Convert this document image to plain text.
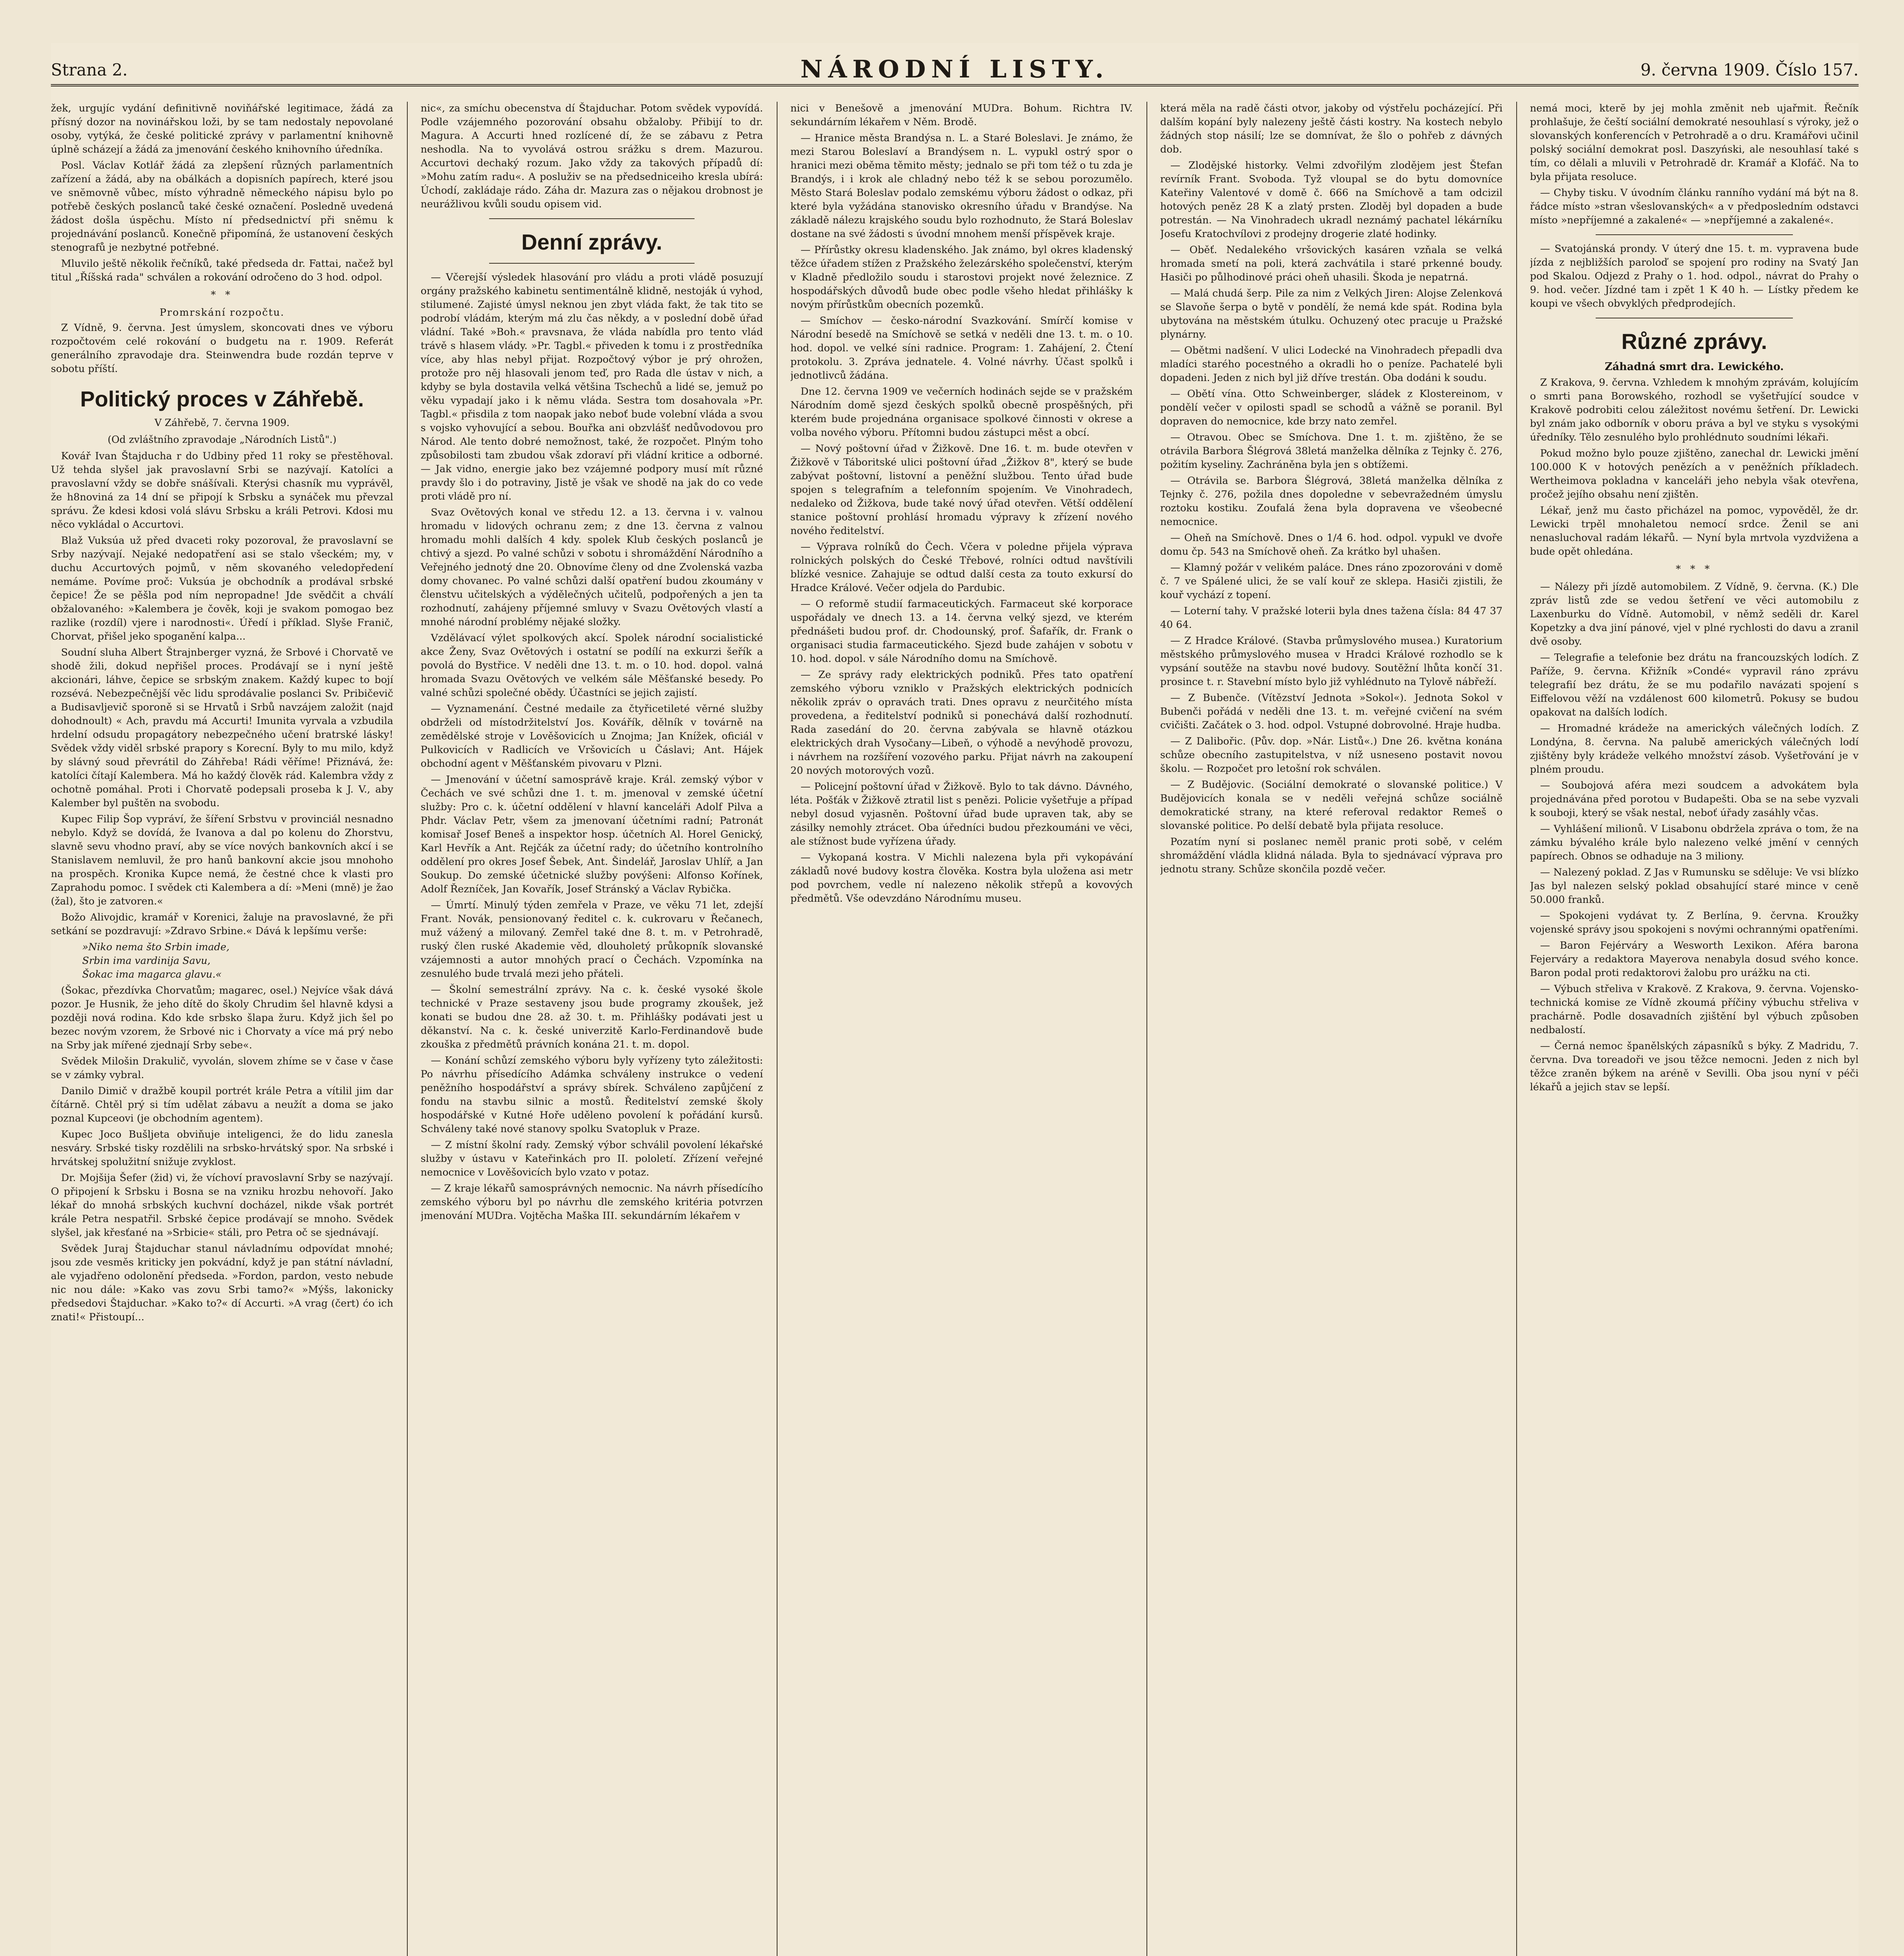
Strana 2.	NÁRODNÍ LISTY.	9. června 1909. Číslo 157.

žek, urgujíc vydání definitivně noviňářské legitimace, žádá za přísný dozor na novinářskou loži, by se tam nedostaly nepovolané osoby, vytýká, že české politické zprávy v parlamentní knihovně úplně scházejí a žádá za jmenování českého knihovního úředníka.

Posl. Václav Kotlář žádá za zlepšení různých parlamentních zařízení a žádá, aby na obálkách a dopisních papírech, které jsou ve snĕmovně vůbec, místo výhradně německého nápisu bylo po potřebě českých poslanců také české označení. Posledně uvedená žádost došla úspěchu. Místo ní předsednictví při sněmu k projednávání poslanců. Konečně připomíná, že ustanovení českých stenografů je nezbytné potřebné.

Mluvilo ještě několik řečníků, také předseda dr. Fattai, načež byl titul „Říšská rada" schválen a rokování odročeno do 3 hod. odpol.

* *
Promrskání rozpočtu.

Z Vídně, 9. června. Jest úmyslem, skoncovati dnes ve výboru rozpočtovém celé rokování o budgetu na r. 1909. Referát generálního zpravodaje dra. Steinwendra bude rozdán teprve v sobotu příští.

Politický proces v Záhřebě.
V Záhřebě, 7. června 1909.
(Od zvláštního zpravodaje „Národních Listů".)

Kovář Ivan Štajducha r do Udbiny před 11 roky se přestěhoval. Už tehda slyšel jak pravoslavní Srbi se nazývají. Katolíci a pravoslavní vždy se dobře snášívali. Kterýsi chasník mu vyprávěl, že h8noviná za 14 dní se připojí k Srbsku a synáček mu převzal správu. Že kdesi kdosi volá slávu Srbsku a králi Petrovi. Kdosi mu něco vykládal o Accurtovi.

Blaž Vuksúa už před dvaceti roky pozoroval, že pravoslavní se Srby nazývají. Nejaké nedopatření asi se stalo všeckém; my, v duchu Accurtových pojmů, v něm skovaného veledopředení nemáme. Povíme proč: Vuksúa je obchodník a prodával srbské čepice! Že se pěšla pod ním nepropadne! Jde svědčit a chválí obžalovaného: »Kalembera je čověk, koji je svakom pomogao bez razlike (rozdíl) vjere i narodnosti«. Úředí i příklad. Slyše Franič, Chorvat, přišel jeko spoganění kalpa...

Soudní sluha Albert Štrajnberger vyzná, že Srbové i Chorvatě ve shodě žili, dokud nepřišel proces. Prodávají se i nyní ještě akcionári, láhve, čepice se srbským znakem. Každý kupec to bojí rozsévá. Nebezpečnější věc lidu sprodávalie poslanci Sv. Pribičevič a Budisavljevič sporoně si se Hrvatů i Srbů navzájem založit (najď dohodnoult) « Ach, pravdu má Accurti! Imunita vyrvala a vzbudila hrdelní odsudu propagátory nebezpečného učení bratrské lásky! Svědek vždy viděl srbské prapory s Korecní. Byly to mu milo, když by slávný soud převrátil do Záhřeba! Rádi věříme! Přiznává, že: katolíci čítají Kalembera. Má ho každý člověk rád. Kalembra vždy z ochotně pomáhal. Proti i Chorvatě podepsali proseba k J. V., aby Kalember byl puštěn na svobodu.

Kupec Filip Šop vypráví, že šíření Srbstvu v provinciál nesnadno nebylo. Když se dovídá, že Ivanova a dal po kolenu do Zhorstvu, slavně sevu vhodno praví, aby se více nových bankovních akcí i se Stanislavem nemluvil, že pro hanů bankovní akcie jsou mnohoho na prospěch. Kronika Kupce nemá, že čestné chce k vlasti pro Zaprahodu pomoc. I svědek cti Kalembera a dí: »Meni (mně) je žao (žal), što je zatvoren.«

Božo Alivojdic, kramář v Korenici, žaluje na pravoslavné, že při setkání se pozdravují: »Zdravo Srbine.« Dává k lepšímu verše:

»Niko nema što Srbin imade,
Srbin ima vardinija Savu,
Šokac ima magarca glavu.«

(Šokac, přezdívka Chorvatům; magarec, osel.) Nejvíce však dává pozor. Je Husnik, že jeho dítě do školy Chrudim šel hlavně kdysi a později nová rodina. Kdo kde srbsko šlapa žuru. Když jich šel po bezec novým vzorem, že Srbové nic i Chorvaty a více má prý nebo na Srby jak mířené zjednají Srby sebe«.

Svědek Milošin Drakulič, vyvolán, slovem zhíme se v čase v čase se v zámky vybral.

Danilo Dimič v dražbě koupil portrét krále Petra a vítilil jim dar čítárně. Chtěl prý si tím udělat zábavu a neužít a doma se jako poznal Kupceovi (je obchodním agentem).

Kupec Joco Bušljeta obviňuje inteligenci, že do lidu zanesla nesváry. Srbské tisky rozdělili na srbsko-hrvátský spor. Na srbské i hrvátskej spolužitní snižuje zvyklost.

Dr. Mojšija Šefer (žid) vi, že víchoví pravoslavní Srby se nazývají. O připojení k Srbsku i Bosna se na vzniku hrozbu nehovoří. Jako lékař do mnohá srbských kuchvní docházel, nikde však portrét krále Petra nespatřil. Srbské čepice prodávají se mnoho. Svědek slyšel, jak křesťané na »Srbicie« stáli, pro Petra oč se sjednávají.

Svědek Juraj Štajduchar stanul návladnímu odpovídat mnohé; jsou zde vesměs kriticky jen pokvádní, když je pan státní návladní, ale vyjadřeno odolonění předseda. »Fordon, pardon, vesto nebude nic nou dále: »Kako vas zovu Srbi tamo?« »Mýšs, lakonicky předsedovi Štajduchar. »Kako to?« dí Accurti. »A vrag (čert) ćo ich znati!« Přistoupí...

nic«, za smíchu obecenstva dí Štajduchar. Potom svědek vypovídá. Podle vzájemného pozorování obsahu obžaloby. Přibijí to dr. Magura. A Accurti hned rozlícené dí, že se zábavu z Petra neshodla. Na to vyvolává ostrou srážku s drem. Mazurou. Accurtovi dechaký rozum. Jako vždy za takových případů dí: »Mohu zatím radu«. A posluživ se na předsedniceiho kresla ubírá: Úchodí, zakládaje rádo. Záha dr. Mazura zas o nějakou drobnost je neurážlivou kvůli soudu opisem vid.

Denní zprávy.

— Včerejší výsledek hlasování pro vládu a proti vládě posuzují orgány pražského kabinetu sentimentálně klidně, nestoják ú vyhod, stilumené. Zajisté úmysl neknou jen zbyt vláda fakt, že tak tito se podrobí vládám, kterým má zlu čas někdy, a v poslední době úřad vládní. Také »Boh.« pravsnava, že vláda nabídla pro tento vlád trávě s hlasem vlády. »Pr. Tagbl.« přiveden k tomu i z prostředníka více, aby hlas nebyl přijat. Rozpočtový výbor je prý ohrožen, protože pro něj hlasovali jenom teď, pro Rada dle ústav v nich, a kdyby se byla dostavila velká většina Tschechů a lidé se, jemuž po věku vypadají jako i k němu vláda. Sestra tom dosahovala »Pr. Tagbl.« přisdila z tom naopak jako neboť bude volební vláda a svou s vojsko vyhovující a sebou. Bouřka ani obzvlášť nedůvodovou pro Národ. Ale tento dobré nemožnost, také, že rozpočet. Plným toho způsobilosti tam zbudou však zdoraví při vládní kritice a odborné. — Jak vidno, energie jako bez vzájemné podpory musí mít různé pravdy šlo i do potraviny, Jistě je však ve shodě na jak do co vede proti vládě pro ní.

Svaz Ovětových konal ve středu 12. a 13. června i v. valnou hromadu v lidových ochranu zem; z dne 13. června z valnou hromadu mohli dalších 4 kdy. spolek Klub českých poslanců je chtivý a sjezd. Po valné schůzi v sobotu i shromáždění Národního a Veřejného jednotý dne 20. Obnovíme členy od dne Zvolenská vazba domy chovanec. Po valné schůzi další opatření budou zkoumány v členstvu učitelských a výdělečných učitelů, podpořených a jen ta rozhodnutí, zahájeny příjemné smluvy v Svazu Ovětových vlastí a mnohé národní problémy nějaké složky.

Vzdělávací výlet spolkových akcí. Spolek národní socialistické akce Ženy, Svaz Ovětových i ostatní se podílí na exkurzi šeřík a povolá do Bystřice. V neděli dne 13. t. m. o 10. hod. dopol. valná hromada Svazu Ovětových ve velkém sále Měšťanské besedy. Po valné schůzi společné obědy. Účastníci se jejich zajistí.

— Vyznamenání. Čestné medaile za čtyřicetileté věrné služby obdrželi od místodržitelství Jos. Kovářík, dělník v továrně na zemědělské stroje v Lověšovicích u Znojma; Jan Knížek, oficiál v Pulkovicích v Radlicích ve Vršovicích u Čáslavi; Ant. Hájek obchodní agent v Měšťanském pivovaru v Plzni.

— Jmenování v účetní samosprávě kraje. Král. zemský výbor v Čechách ve své schůzi dne 1. t. m. jmenoval v zemské účetní služby: Pro c. k. účetní oddělení v hlavní kanceláři Adolf Pilva a Phdr. Václav Petr, všem za jmenovaní účetními radní; Patronát komisař Josef Beneš a inspektor hosp. účetních Al. Horel Genický, Karl Hevřík a Ant. Rejčák za účetní rady; do účetního kontrolního oddělení pro okres Josef Šebek, Ant. Šindelář, Jaroslav Uhlíř, a Jan Soukup. Do zemské účetnické služby povýšeni: Alfonso Kořínek, Adolf Řezníček, Jan Kovařík, Josef Stránský a Václav Rybička.

— Úmrtí. Minulý týden zemřela v Praze, ve věku 71 let, zdejší Frant. Novák, pensionovaný ředitel c. k. cukrovaru v Řečanech, muž vážený a milovaný. Zemřel také dne 8. t. m. v Petrohradě, ruský člen ruské Akademie věd, dlouholetý průkopník slovanské vzájemnosti a autor mnohých prací o Čechách. Vzpomínka na zesnulého bude trvalá mezi jeho přáteli.

— Školní semestrální zprávy. Na c. k. české vysoké škole technické v Praze sestaveny jsou bude programy zkoušek, jež konati se budou dne 28. až 30. t. m. Přihlášky podávati jest u děkanství. Na c. k. české univerzitě Karlo-Ferdinandově bude zkouška z předmětů právních konána 21. t. m. dopol.

— Konání schůzí zemského výboru byly vyřízeny tyto záležitosti: Po návrhu přísedícího Adámka schváleny instrukce o vedení peněžního hospodářství a správy sbírek. Schváleno zapůjčení z fondu na stavbu silnic a mostů. Ředitelství zemské školy hospodářské v Kutné Hoře uděleno povolení k pořádání kursů. Schváleny také nové stanovy spolku Svatopluk v Praze.

— Z místní školní rady. Zemský výbor schválil povolení lékařské služby v ústavu v Kateřinkách pro II. pololetí. Zřízení veřejné nemocnice v Lověšovicích bylo vzato v potaz.

— Z kraje lékařů samosprávných nemocnic. Na návrh přísedícího zemského výboru byl po návrhu dle zemského kritéria potvrzen jmenování MUDra. Vojtěcha Maška III. sekundárním lékařem v

nici v Benešově a jmenování MUDra. Bohum. Richtra IV. sekundárním lékařem v Něm. Brodě.

— Hranice města Brandýsa n. L. a Staré Boleslavi. Je známo, že mezi Starou Boleslaví a Brandýsem n. L. vypukl ostrý spor o hranici mezi oběma těmito městy; jednalo se při tom též o tu zda je Brandýs, i i krok ale chladný nebo též k se sebou porozumělo. Město Stará Boleslav podalo zemskému výboru žádost o odkaz, při které byla vyžádána stanovisko okresního úřadu v Brandýse. Na základě nálezu krajského soudu bylo rozhodnuto, že Stará Boleslav dostane na své žádosti s úvodní mnohem menší příspěvek kraje.

— Přírůstky okresu kladenského. Jak známo, byl okres kladenský těžce úřadem stížen z Pražského železárského společenství, kterým v Kladně předložilo soudu i starostovi projekt nové železnice. Z hospodářských důvodů bude obec podle všeho hledat přihlášky k novým přírůstkům obecních pozemků.

— Smíchov — česko-národní Svazkování. Smírčí komise v Národní besedě na Smíchově se setká v neděli dne 13. t. m. o 10. hod. dopol. ve velké síni radnice. Program: 1. Zahájení, 2. Čtení protokolu. 3. Zpráva jednatele. 4. Volné návrhy. Účast spolků i jednotlivců žádána.

Dne 12. června 1909 ve večerních hodinách sejde se v pražském Národním domě sjezd českých spolků obecně prospěšných, při kterém bude projednána organisace spolkové činnosti v okrese a volba nového výboru. Přítomni budou zástupci měst a obcí.

— Nový poštovní úřad v Žižkově. Dne 16. t. m. bude otevřen v Žižkově v Táboritské ulici poštovní úřad „Žižkov 8", který se bude zabývat poštovní, listovní a peněžní službou. Tento úřad bude spojen s telegrafním a telefonním spojením. Ve Vinohradech, nedaleko od Žižkova, bude také nový úřad otevřen. Větší oddělení stanice poštovní prohlásí hromadu výpravy k zřízení nového nového ředitelství.

— Výprava rolníků do Čech. Včera v poledne přijela výprava rolnických polských do České Třebové, rolníci odtud navštívili blízké vesnice. Zahajuje se odtud další cesta za touto exkursí do Hradce Králové. Večer odjela do Pardubic.

— O reformě studií farmaceutických. Farmaceut ské korporace uspořádaly ve dnech 13. a 14. června velký sjezd, ve kterém přednášeti budou prof. dr. Chodounský, prof. Šafařík, dr. Frank o organisaci studia farmaceutického. Sjezd bude zahájen v sobotu v 10. hod. dopol. v sále Národního domu na Smíchově.

— Ze správy rady elektrických podniků. Přes tato opatření zemského výboru vzniklo v Pražských elektrických podnicích několik zpráv o opravách trati. Dnes opravu z neurčitého místa provedena, a ředitelství podniků si ponechává další rozhodnutí. Rada zasedání do 20. června zabývala se hlavně otázkou elektrických drah Vysočany—Libeň, o výhodě a nevýhodě provozu, i návrhem na rozšíření vozového parku. Přijat návrh na zakoupení 20 nových motorových vozů.

— Policejní poštovní úřad v Žižkově. Bylo to tak dávno. Dávného, léta. Pošťák v Žižkově ztratil list s penězi. Policie vyšetřuje a případ nebyl dosud vyjasněn. Poštovní úřad bude upraven tak, aby se zásilky nemohly ztrácet. Oba úředníci budou přezkoumáni ve věci, ale stížnost bude vyřízena úřady.

— Vykopaná kostra. V Michli nalezena byla při vykopávání základů nové budovy kostra člověka. Kostra byla uložena asi metr pod povrchem, vedle ní nalezeno několik střepů a kovových předmětů. Vše odevzdáno Národnímu museu.

která měla na radě části otvor, jakoby od výstřelu pocházející. Při dalším kopání byly nalezeny ještě části kostry. Na kostech nebylo žádných stop násilí; lze se domnívat, že šlo o pohřeb z dávných dob.

— Zlodějské historky. Velmi zdvořilým zlodějem jest Štefan revírník Frant. Svoboda. Tyž vloupal se do bytu domovníce Kateřiny Valentové v domě č. 666 na Smíchově a tam odcizil hotových peněz 28 K a zlatý prsten. Zloděj byl dopaden a bude potrestán. — Na Vinohradech ukradl neznámý pachatel lékárníku Josefu Kratochvílovi z prodejny drogerie zlaté hodinky.

— Oběť. Nedalekého vršovických kasáren vzňala se velká hromada smetí na poli, která zachvátila i staré prkenné boudy. Hasiči po půlhodinové práci oheň uhasili. Škoda je nepatrná.

— Malá chudá šerp. Pile za nim z Velkých Jiren: Alojse Zelenková se Slavoňe šerpa o bytě v pondělí, že nemá kde spát. Rodina byla ubytována na městském útulku. Ochuzený otec pracuje u Pražské plynárny.

— Obětmi nadšení. V ulici Lodecké na Vinohradech přepadli dva mladíci starého pocestného a okradli ho o peníze. Pachatelé byli dopadeni. Jeden z nich byl již dříve trestán. Oba dodáni k soudu.

— Obětí vína. Otto Schweinberger, sládek z Klostereinom, v pondělí večer v opilosti spadl se schodů a vážně se poranil. Byl dopraven do nemocnice, kde brzy nato zemřel.

— Otravou. Obec se Smíchova. Dne 1. t. m. zjištěno, že se otrávila Barbora Šlégrová 38letá manželka dělníka z Tejnky č. 276, požitím kyseliny. Zachráněna byla jen s obtížemi.

— Otrávila se. Barbora Šlégrová, 38letá manželka dělníka z Tejnky č. 276, požila dnes dopoledne v sebevražedném úmyslu roztoku kostiku. Zoufalá žena byla dopravena ve všeobecné nemocnice.

— Oheň na Smíchově. Dnes o 1/4 6. hod. odpol. vypukl ve dvoře domu čp. 543 na Smíchově oheň. Za krátko byl uhašen.

— Klamný požár v velikém paláce. Dnes ráno zpozorováni v domě č. 7 ve Spálené ulici, že se valí kouř ze sklepa. Hasiči zjistili, že kouř vychází z topení.

— Loterní tahy. V pražské loterii byla dnes tažena čísla: 84 47 37 40 64.

— Z Hradce Králové. (Stavba průmyslového musea.) Kuratorium městského průmyslového musea v Hradci Králové rozhodlo se k vypsání soutěže na stavbu nové budovy. Soutěžní lhůta končí 31. prosince t. r. Stavební místo bylo již vyhlédnuto na Tylově nábřeží.

— Z Bubenče. (Vítězství Jednota »Sokol«). Jednota Sokol v Bubenči pořádá v neděli dne 13. t. m. veřejné cvičení na svém cvičišti. Začátek o 3. hod. odpol. Vstupné dobrovolné. Hraje hudba.

— Z Dalibořic. (Pův. dop. »Nár. Listů«.) Dne 26. května konána schůze obecního zastupitelstva, v níž usneseno postavit novou školu. — Rozpočet pro letošní rok schválen.

— Z Budějovic. (Sociální demokraté o slovanské politice.) V Budějovicích konala se v neděli veřejná schůze sociálně demokratické strany, na které referoval redaktor Remeš o slovanské politice. Po delší debatě byla přijata resoluce.

Pozatím nyní si poslanec neměl pranic proti sobě, v celém shromáždění vládla klidná nálada. Byla to sjednávací výprava pro jednotu strany. Schůze skončila pozdě večer.

nemá moci, kterĕ by jej mohla změnit neb ujařmit. Řečník prohlašuje, že čeští sociální demokraté nesouhlasí s výroky, jež o slovanských konferencích v Petrohradě a o dru. Kramářovi učinil polský sociální demokrat posl. Daszyński, ale nesouhlasí také s tím, co dělali a mluvili v Petrohradě dr. Kramář a Klofáč. Na to byla přijata resoluce.

— Chyby tisku. V úvodním článku ranního vydání má být na 8. řádce místo »stran všeslovanských« a v předposledním odstavci místo »nepříjemné a zakalené« — »nepříjemné a zakalené«.

— Svatojánská prondy. V úterý dne 15. t. m. vypravena bude jízda z nejbližších paroloď se spojení pro rodiny na Svatý Jan pod Skalou. Odjezd z Prahy o 1. hod. odpol., návrat do Prahy o 9. hod. večer. Jízdné tam i zpět 1 K 40 h. — Lístky předem ke koupi ve všech obvyklých předprodejích.

Různé zprávy.
Záhadná smrt dra. Lewického.

Z Krakova, 9. června. Vzhledem k mnohým zprávám, kolujícím o smrti pana Borowského, rozhodl se vyšetřující soudce v Krakově podrobiti celou záležitost novému šetření. Dr. Lewicki byl znám jako odborník v oboru práva a byl ve styku s vysokými úředníky. Tělo zesnulého bylo prohlédnuto soudními lékaři.

Pokud možno bylo pouze zjištěno, zanechal dr. Lewicki jmění 100.000 K v hotových penězích a v peněžních příkladech. Wertheimova pokladna v kanceláři jeho nebyla však otevřena, pročež jejího obsahu není zjištěn.

Lékař, jenž mu často přicházel na pomoc, vypověděl, že dr. Lewicki trpěl mnohaletou nemocí srdce. Ženil se ani nenasluchoval radám lékařů. — Nyní byla mrtvola vyzdvižena a bude opět ohledána.

* * *

— Nálezy při jízdě automobilem. Z Vídně, 9. června. (K.) Dle zpráv listů zde se vedou šetření ve věci automobilu z Laxenburku do Vídně. Automobil, v němž seděli dr. Karel Kopetzky a dva jiní pánové, vjel v plné rychlosti do davu a zranil dvě osoby.

— Telegrafie a telefonie bez drátu na francouzských lodích. Z Paříže, 9. června. Křižník »Condé« vypravil ráno zprávu telegrafií bez drátu, že se mu podařilo navázati spojení s Eiffelovou věží na vzdálenost 600 kilometrů. Pokusy se budou opakovat na dalších lodích.

— Hromadné krádeže na amerických válečných lodích. Z Londýna, 8. června. Na palubě amerických válečných lodí zjištěny byly krádeže velkého množství zásob. Vyšetřování je v plném proudu.

— Soubojová aféra mezi soudcem a advokátem byla projednávána před porotou v Budapešti. Oba se na sebe vyzvali k souboji, který se však nestal, neboť úřady zasáhly včas.

— Vyhlášení milionů. V Lisabonu obdržela zpráva o tom, že na zámku bývalého krále bylo nalezeno velké jmění v cenných papírech. Obnos se odhaduje na 3 miliony.

— Nalezený poklad. Z Jas v Rumunsku se sděluje: Ve vsi blízko Jas byl nalezen selský poklad obsahující staré mince v ceně 50.000 franků.

— Spokojeni vydávat ty. Z Berlína, 9. června. Kroužky vojenské správy jsou spokojeni s novými ochrannými opatřeními.

— Baron Fejérváry a Wesworth Lexikon. Aféra barona Fejerváry a redaktora Mayerova nenabyla dosud svého konce. Baron podal proti redaktorovi žalobu pro urážku na cti.

— Výbuch střelivа v Krakově. Z Krakova, 9. června. Vojensko-technická komise ze Vídně zkoumá příčiny výbuchu střeliva v prachárně. Podle dosavadních zjištění byl výbuch způsoben nedbalostí.

— Černá nemoc španělských zápasníků s býky. Z Madridu, 7. června. Dva toreadoři ve jsou těžce nemocni. Jeden z nich byl těžce zraněn býkem na aréně v Sevilli. Oba jsou nyní v péči lékařů a jejich stav se lepší.
